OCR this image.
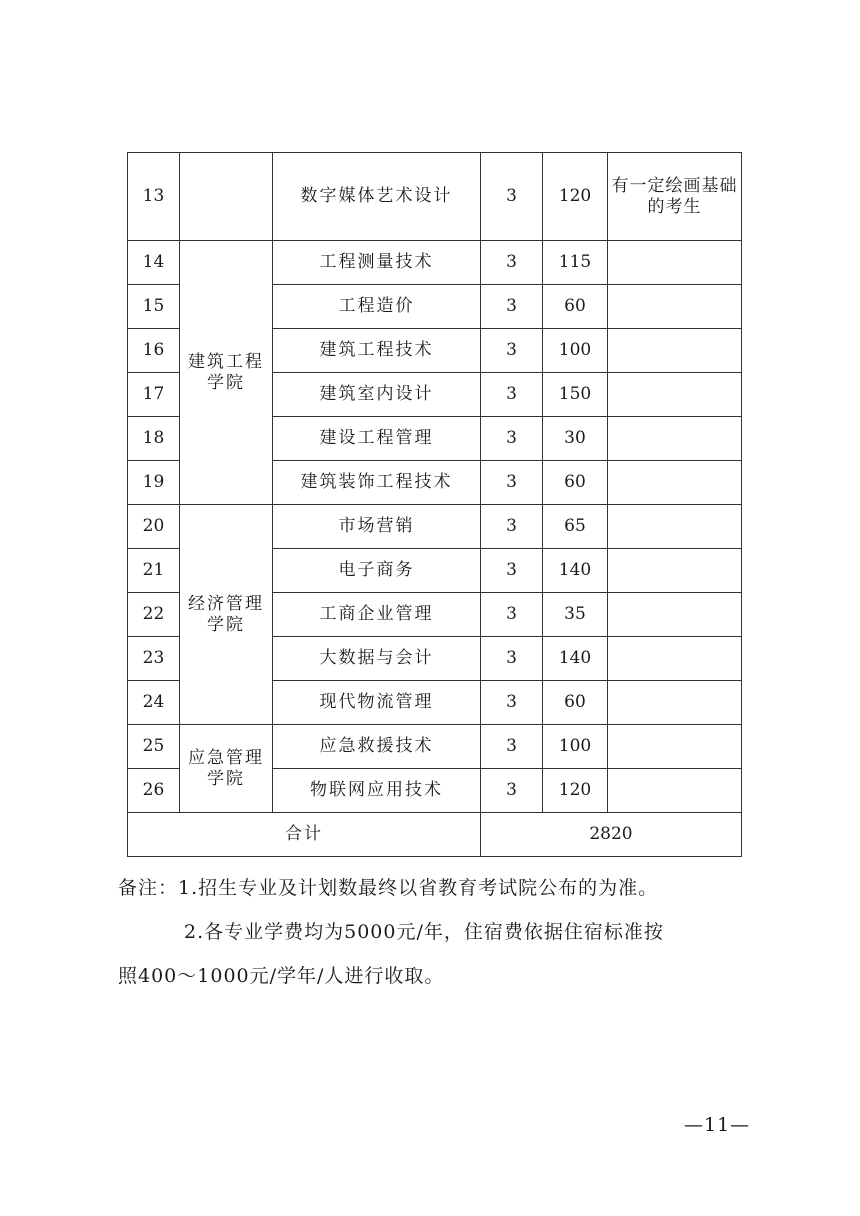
13		数字媒体艺术设计	3	120	有一定绘画基础的考生
14	建筑工程学院	工程测量技术	3	115	
15		工程造价	3	60	
16		建筑工程技术	3	100	
17		建筑室内设计	3	150	
18		建设工程管理	3	30	
19		建筑装饰工程技术	3	60	
20	经济管理学院	市场营销	3	65	
21		电子商务	3	140	
22		工商企业管理	3	35	
23		大数据与会计	3	140	
24		现代物流管理	3	60	
25	应急管理学院	应急救援技术	3	100	
26		物联网应用技术	3	120	
合计			2820		

备注：1.招生专业及计划数最终以省教育考试院公布的为准。

2.各专业学费均为5000元/年，住宿费依据住宿标准按

照400～1000元/学年/人进行收取。

—11—
